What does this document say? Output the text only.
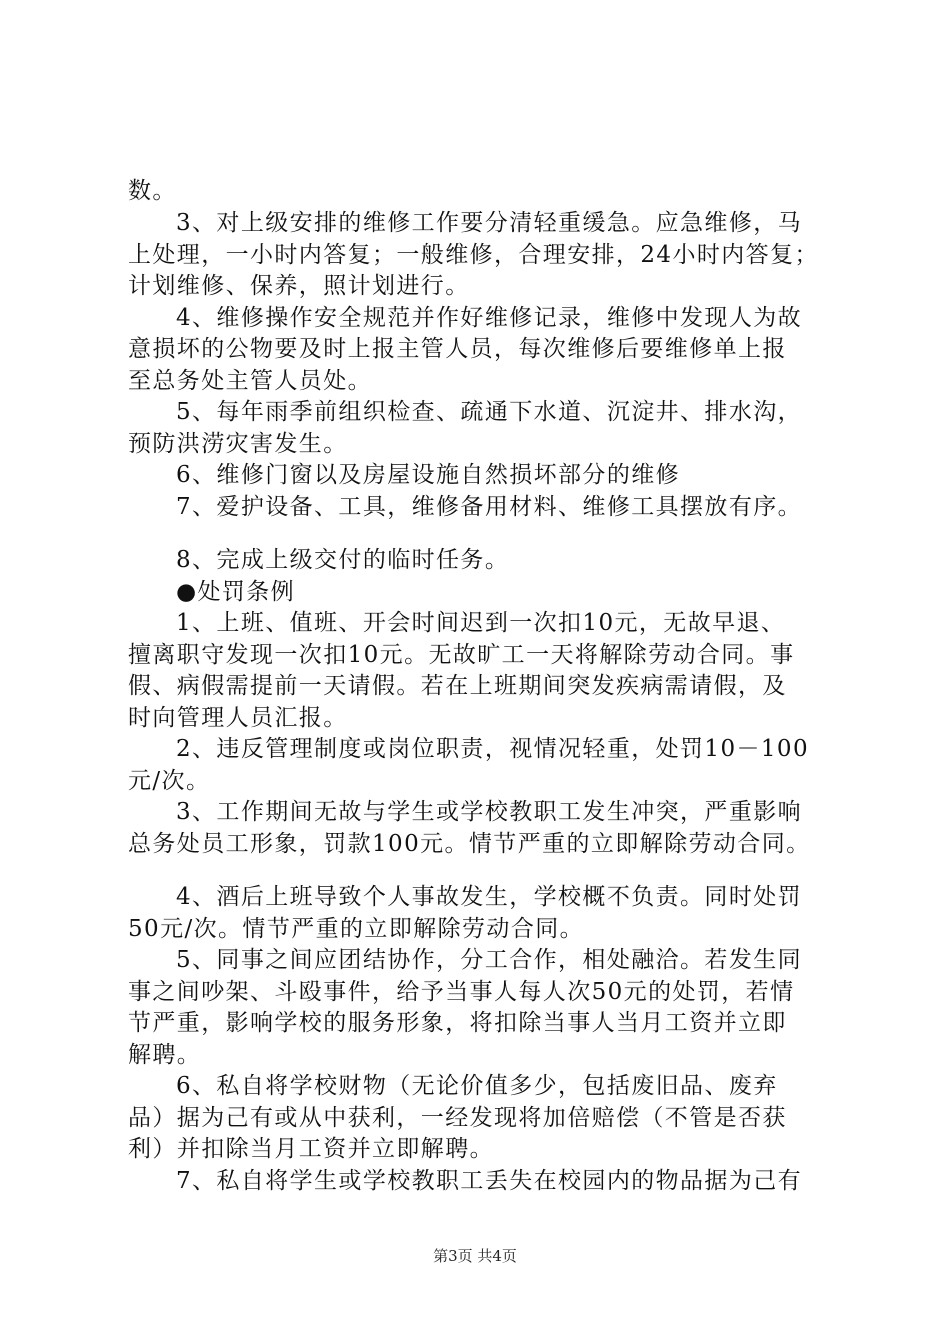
数。
3、对上级安排的维修工作要分清轻重缓急。应急维修，马
上处理，一小时内答复；一般维修，合理安排，24小时内答复；
计划维修、保养，照计划进行。
4、维修操作安全规范并作好维修记录，维修中发现人为故
意损坏的公物要及时上报主管人员，每次维修后要维修单上报
至总务处主管人员处。
5、每年雨季前组织检查、疏通下水道、沉淀井、排水沟，
预防洪涝灾害发生。
6、维修门窗以及房屋设施自然损坏部分的维修
7、爱护设备、工具，维修备用材料、维修工具摆放有序。
8、完成上级交付的临时任务。
●处罚条例
1、上班、值班、开会时间迟到一次扣10元，无故早退、
擅离职守发现一次扣10元。无故旷工一天将解除劳动合同。事
假、病假需提前一天请假。若在上班期间突发疾病需请假，及
时向管理人员汇报。
2、违反管理制度或岗位职责，视情况轻重，处罚10－100
元/次。
3、工作期间无故与学生或学校教职工发生冲突，严重影响
总务处员工形象，罚款100元。情节严重的立即解除劳动合同。
4、酒后上班导致个人事故发生，学校概不负责。同时处罚
50元/次。情节严重的立即解除劳动合同。
5、同事之间应团结协作，分工合作，相处融洽。若发生同
事之间吵架、斗殴事件，给予当事人每人次50元的处罚，若情
节严重，影响学校的服务形象，将扣除当事人当月工资并立即
解聘。
6、私自将学校财物（无论价值多少，包括废旧品、废弃
品）据为己有或从中获利，一经发现将加倍赔偿（不管是否获
利）并扣除当月工资并立即解聘。
7、私自将学生或学校教职工丢失在校园内的物品据为己有
第3页 共4页
